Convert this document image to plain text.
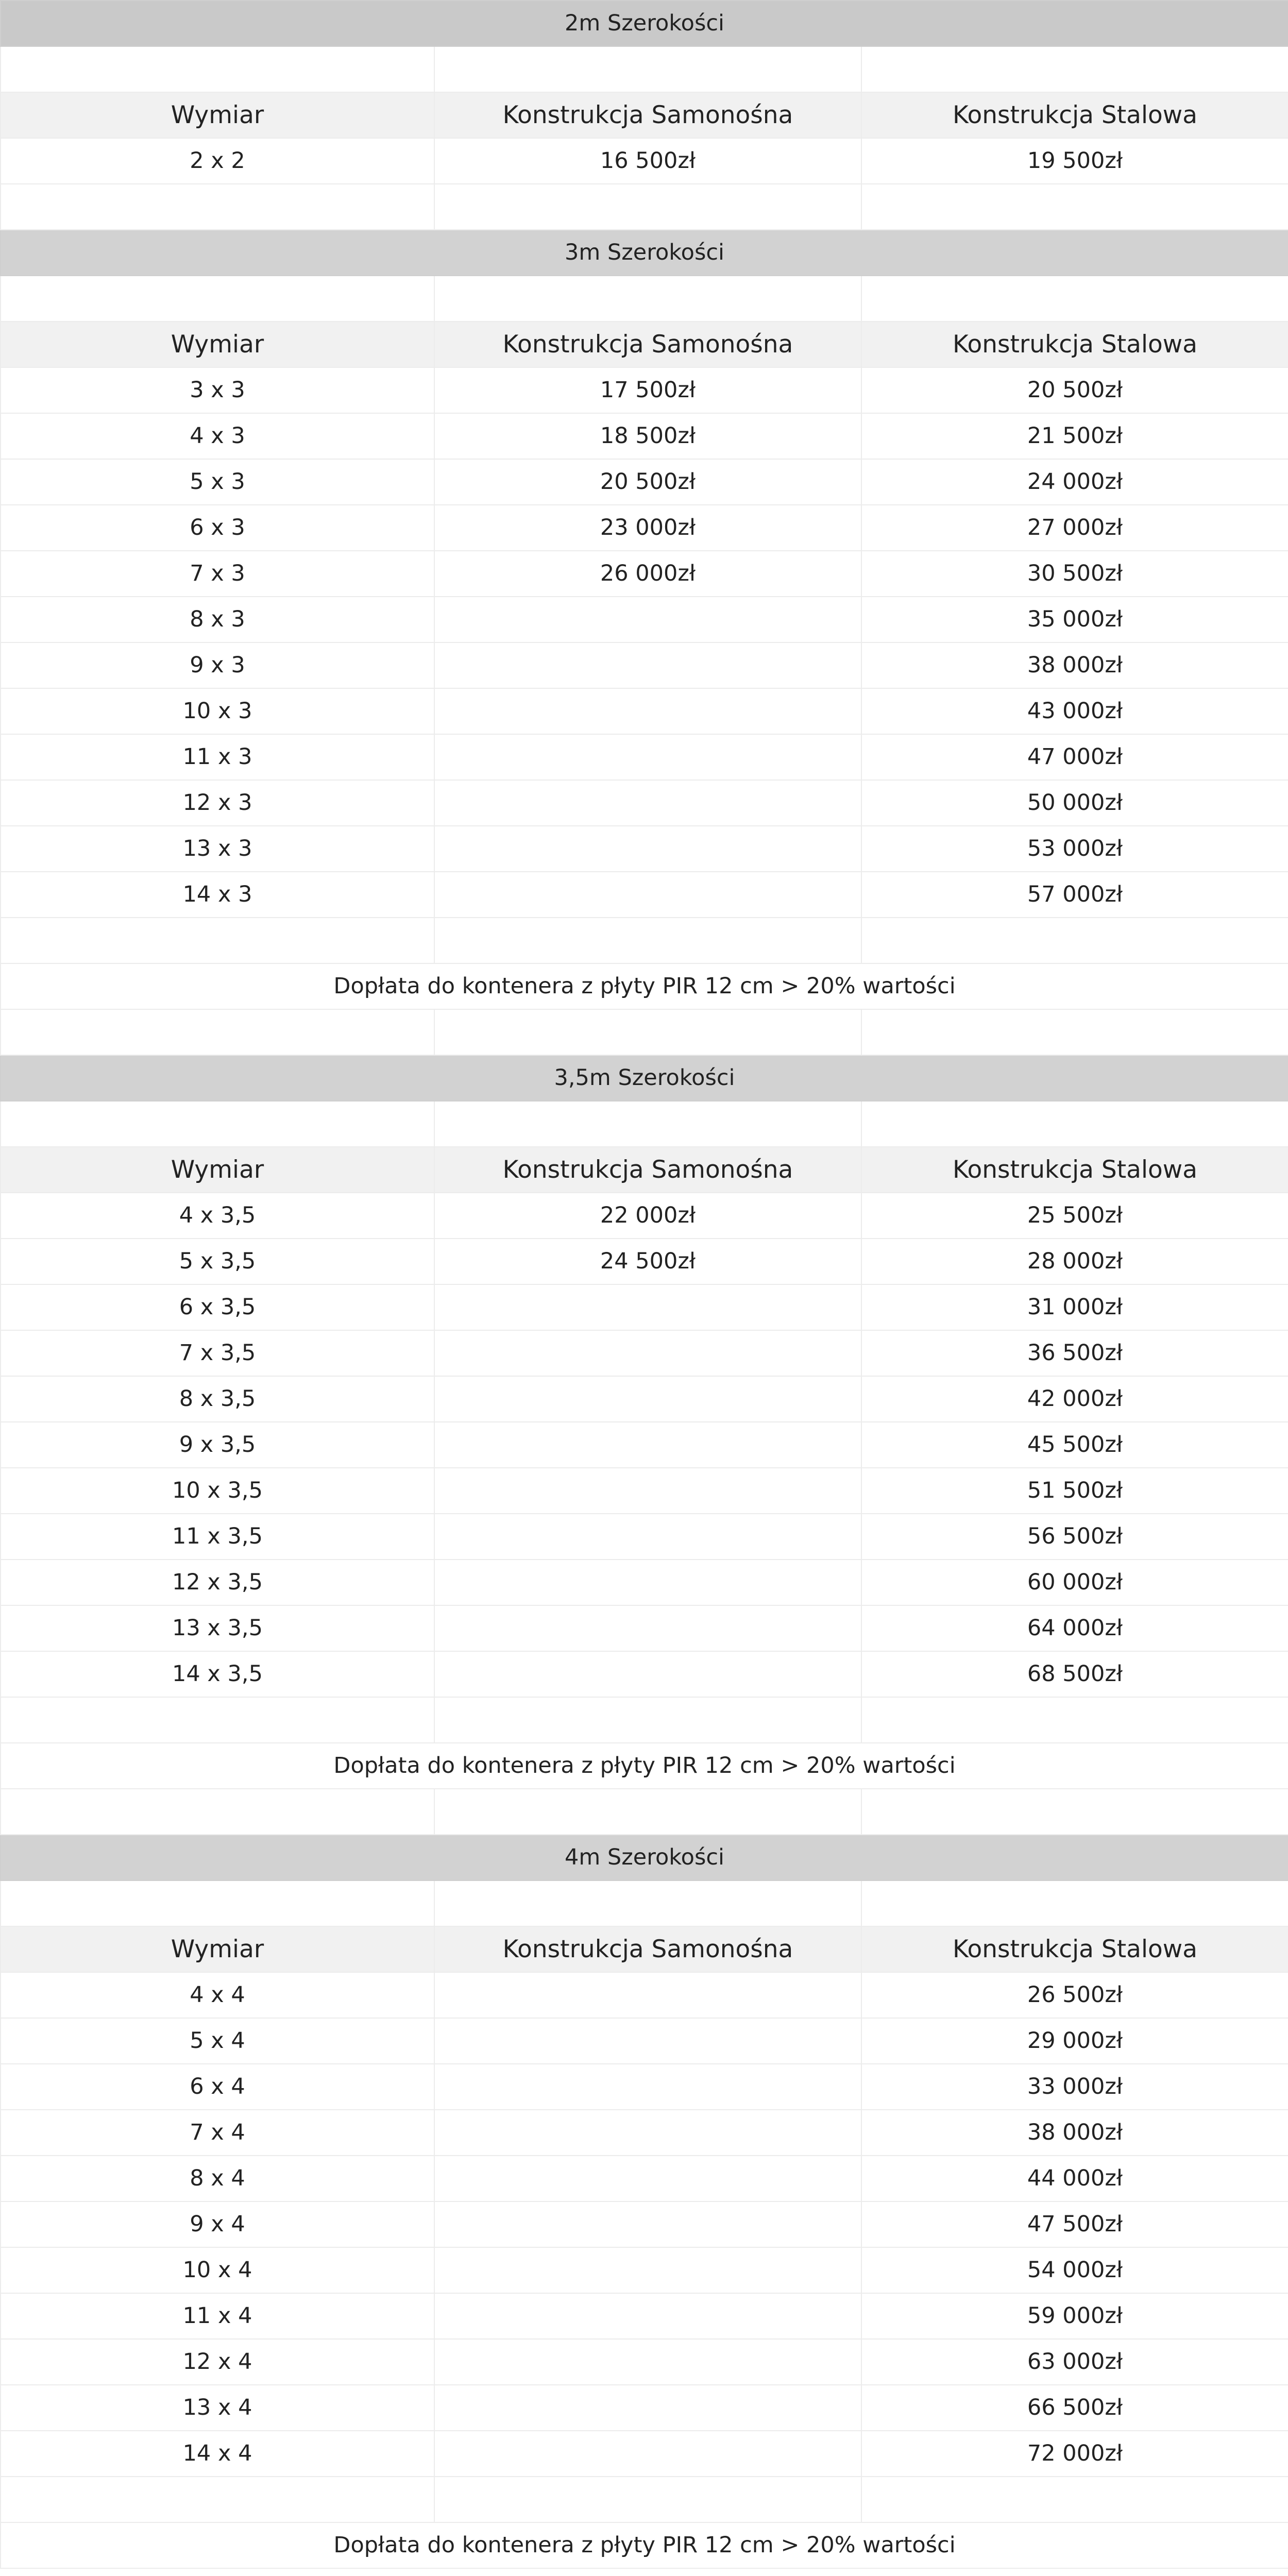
2m Szerokości		

Wymiar	Konstrukcja Samonośna	Konstrukcja Stalowa
2 x 2	16 500zł	19 500zł

3m Szerokości		

Wymiar	Konstrukcja Samonośna	Konstrukcja Stalowa
3 x 3	17 500zł	20 500zł
4 x 3	18 500zł	21 500zł
5 x 3	20 500zł	24 000zł
6 x 3	23 000zł	27 000zł
7 x 3	26 000zł	30 500zł
8 x 3		35 000zł
9 x 3		38 000zł
10 x 3		43 000zł
11 x 3		47 000zł
12 x 3		50 000zł
13 x 3		53 000zł
14 x 3		57 000zł

Dopłata do kontenera z płyty PIR 12 cm > 20% wartości		

3,5m Szerokości		

Wymiar	Konstrukcja Samonośna	Konstrukcja Stalowa
4 x 3,5	22 000zł	25 500zł
5 x 3,5	24 500zł	28 000zł
6 x 3,5		31 000zł
7 x 3,5		36 500zł
8 x 3,5		42 000zł
9 x 3,5		45 500zł
10 x 3,5		51 500zł
11 x 3,5		56 500zł
12 x 3,5		60 000zł
13 x 3,5		64 000zł
14 x 3,5		68 500zł

Dopłata do kontenera z płyty PIR 12 cm > 20% wartości		

4m Szerokości		

Wymiar	Konstrukcja Samonośna	Konstrukcja Stalowa
4 x 4		26 500zł
5 x 4		29 000zł
6 x 4		33 000zł
7 x 4		38 000zł
8 x 4		44 000zł
9 x 4		47 500zł
10 x 4		54 000zł
11 x 4		59 000zł
12 x 4		63 000zł
13 x 4		66 500zł
14 x 4		72 000zł

Dopłata do kontenera z płyty PIR 12 cm > 20% wartości		
